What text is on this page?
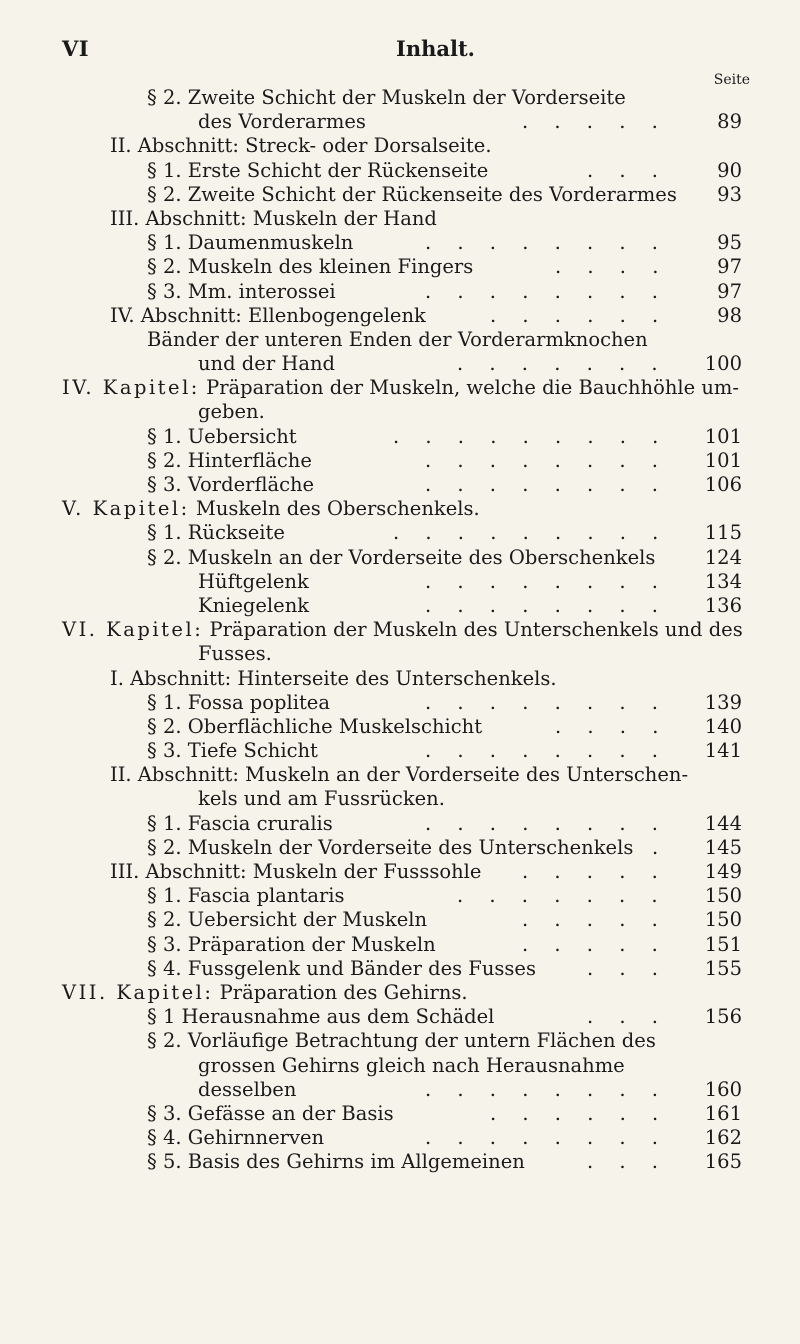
VI	Inhalt.
Seite
§ 2. Zweite Schicht der Muskeln der Vorderseite
des Vorderarmes	. . . . .	89
II. Abschnitt: Streck- oder Dorsalseite.
§ 1. Erste Schicht der Rückenseite	. . .	90
§ 2. Zweite Schicht der Rückenseite des Vorderarmes	93
III. Abschnitt: Muskeln der Hand
§ 1. Daumenmuskeln	. . . . . . . .	95
§ 2. Muskeln des kleinen Fingers	. . . .	97
§ 3. Mm. interossei	. . . . . . . .	97
IV. Abschnitt: Ellenbogengelenk	. . . . . .	98
Bänder der unteren Enden der Vorderarmknochen
und der Hand	. . . . . . .	100
IV. Kapitel: Präparation der Muskeln, welche die Bauchhöhle um-
geben.
§ 1. Uebersicht	. . . . . . . . .	101
§ 2. Hinterfläche	. . . . . . . .	101
§ 3. Vorderfläche	. . . . . . . .	106
V. Kapitel: Muskeln des Oberschenkels.
§ 1. Rückseite	. . . . . . . . .	115
§ 2. Muskeln an der Vorderseite des Oberschenkels	124
Hüftgelenk	. . . . . . . .	134
Kniegelenk	. . . . . . . .	136
VI. Kapitel: Präparation der Muskeln des Unterschenkels und des
Fusses.
I. Abschnitt: Hinterseite des Unterschenkels.
§ 1. Fossa poplitea	. . . . . . . .	139
§ 2. Oberflächliche Muskelschicht	. . . .	140
§ 3. Tiefe Schicht	. . . . . . . .	141
II. Abschnitt: Muskeln an der Vorderseite des Unterschen-
kels und am Fussrücken.
§ 1. Fascia cruralis	. . . . . . . .	144
§ 2. Muskeln der Vorderseite des Unterschenkels .	145
III. Abschnitt: Muskeln der Fusssohle . . . . .	149
§ 1. Fascia plantaris	. . . . . . .	150
§ 2. Uebersicht der Muskeln	. . . . .	150
§ 3. Präparation der Muskeln	. . . . .	151
§ 4. Fussgelenk und Bänder des Fusses	. . .	155
VII. Kapitel: Präparation des Gehirns.
§ 1 Herausnahme aus dem Schädel	. . .	156
§ 2. Vorläufige Betrachtung der untern Flächen des
grossen Gehirns gleich nach Herausnahme
desselben	. . . . . . . .	160
§ 3. Gefässe an der Basis	. . . . . .	161
§ 4. Gehirnnerven	. . . . . . . .	162
§ 5. Basis des Gehirns im Allgemeinen	. . .	165
